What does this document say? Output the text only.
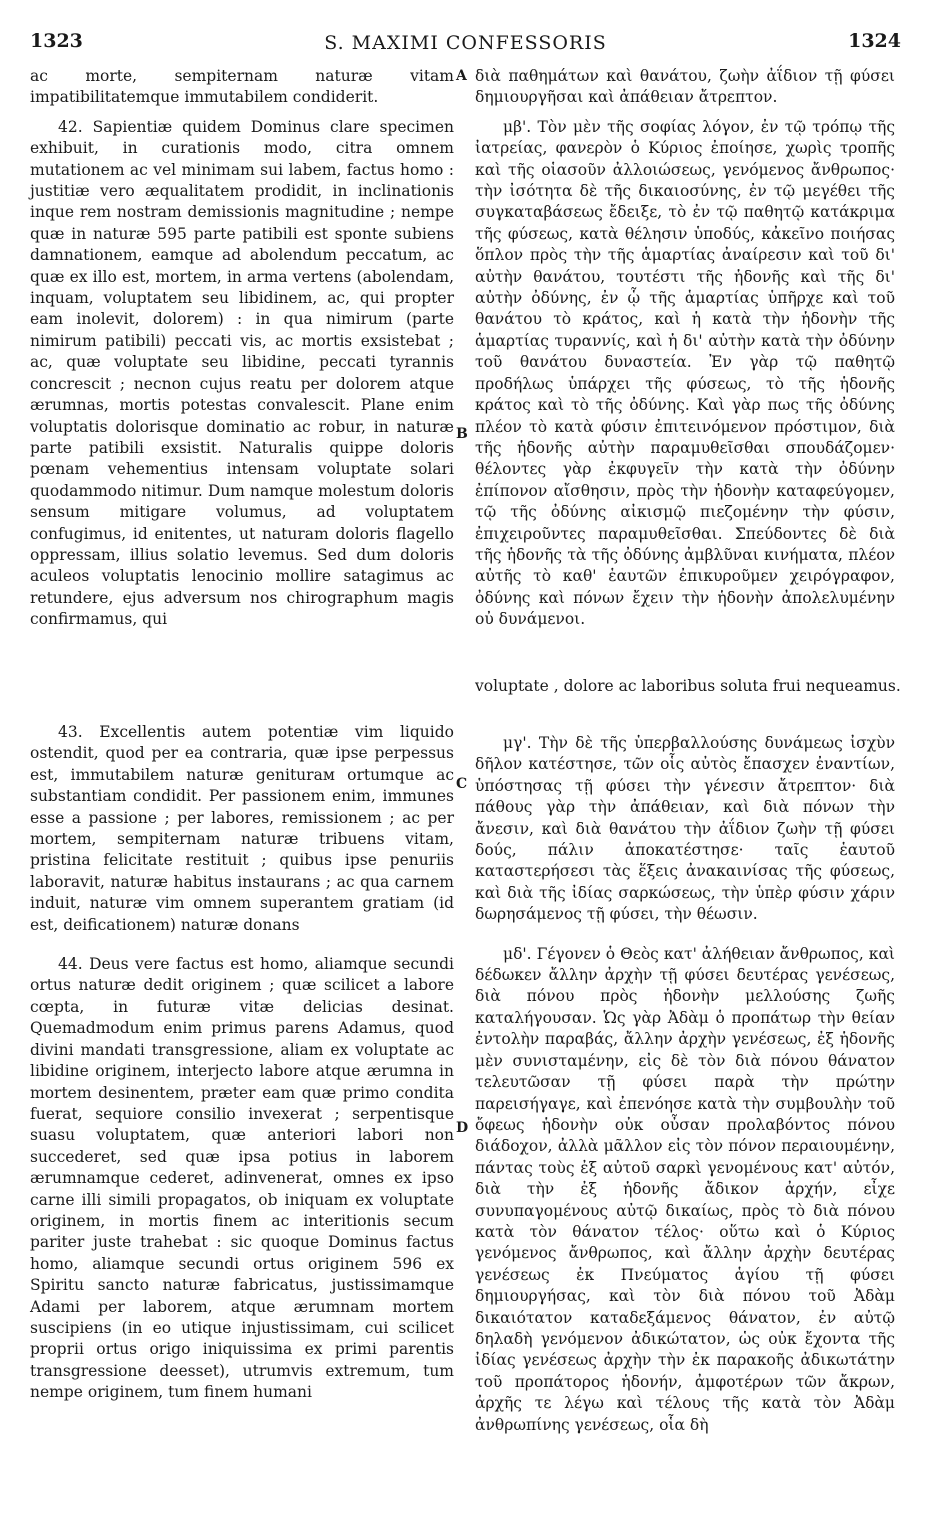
1323	S. MAXIMI CONFESSORIS	1324

ac morte, sempiternam naturæ vitam impatibilitatemque immutabilem condiderit.

42. Sapientiæ quidem Dominus clare specimen exhibuit, in curationis modo, citra omnem mutationem ac vel minimam sui labem, factus homo : justitiæ vero æqualitatem prodidit, in inclinationis inque rem nostram demissionis magnitudine ; nempe quæ in naturæ 595 parte patibili est sponte subiens damnationem, eamque ad abolendum peccatum, ac quæ ex illo est, mortem, in arma vertens (abolendam, inquam, voluptatem seu libidinem, ac, qui propter eam inolevit, dolorem) : in qua nimirum (parte nimirum patibili) peccati vis, ac mortis exsistebat ; ac, quæ voluptate seu libidine, peccati tyrannis concrescit ; necnon cujus reatu per dolorem atque ærumnas, mortis potestas convalescit. Plane enim voluptatis dolorisque dominatio ac robur, in naturæ parte patibili exsistit. Naturalis quippe doloris pœnam vehementius intensam voluptate solari quodammodo nitimur. Dum namque molestum doloris sensum mitigare volumus, ad voluptatem confugimus, id enitentes, ut naturam doloris flagello oppressam, illius solatio levemus. Sed dum doloris aculeos voluptatis lenocinio mollire satagimus ac retundere, ejus adversum nos chirographum magis confirmamus, qui

voluptate , dolore ac laboribus soluta frui nequeamus.

43. Excellentis autem potentiæ vim liquido ostendit, quod per ea contraria, quæ ipse perpessus est, immutabilem naturæ geniturам ortumque ac substantiam condidit. Per passionem enim, immunes esse a passione ; per labores, remissionem ; ac per mortem, sempiternam naturæ tribuens vitam, pristina felicitate restituit ; quibus ipse penuriis laboravit, naturæ habitus instaurans ; ac qua carnem induit, naturæ vim omnem superantem gratiam (id est, deificationem) naturæ donans

44. Deus vere factus est homo, aliamque secundi ortus naturæ dedit originem ; quæ scilicet a labore cœpta, in futuræ vitæ delicias desinat. Quemadmodum enim primus parens Adamus, quod divini mandati transgressione, aliam ex voluptate ac libidine originem, interjecto labore atque ærumna in mortem desinentem, præter eam quæ primo condita fuerat, sequiore consilio invexerat ; serpentisque suasu voluptatem, quæ anteriori labori non succederet, sed quæ ipsa potius in laborem ærumnamque cederet, adinvenerat, omnes ex ipso carne illi simili propagatos, ob iniquam ex voluptate originem, in mortis finem ac interitionis secum pariter juste trahebat : sic quoque Dominus factus homo, aliamque secundi ortus originem 596 ex Spiritu sancto naturæ fabricatus, justissimamque Adami per laborem, atque ærumnam mortem suscipiens (in eo utique injustissimam, cui scilicet proprii ortus origo iniquissima ex primi parentis transgressione deesset), utrumvis extremum, tum nempe originem, tum finem humani

διὰ παθημάτων καὶ θανάτου, ζωὴν ἀΐδιον τῇ φύσει δημιουργῆσαι καὶ ἀπάθειαν ἄτρεπτον.

μβ'. Τὸν μὲν τῆς σοφίας λόγον, ἐν τῷ τρόπῳ τῆς ἰατρείας, φανερὸν ὁ Κύριος ἐποίησε, χωρὶς τροπῆς καὶ τῆς οἱασοῦν ἀλλοιώσεως, γενόμενος ἄνθρωπος· τὴν ἰσότητα δὲ τῆς δικαιοσύνης, ἐν τῷ μεγέθει τῆς συγκαταβάσεως ἔδειξε, τὸ ἐν τῷ παθητῷ κατάκριμα τῆς φύσεως, κατὰ θέλησιν ὑποδύς, κἀκεῖνο ποιήσας ὅπλον πρὸς τὴν τῆς ἁμαρτίας ἀναίρεσιν καὶ τοῦ δι' αὐτὴν θανάτου, τουτέστι τῆς ἡδονῆς καὶ τῆς δι' αὐτὴν ὀδύνης, ἐν ᾧ τῆς ἁμαρτίας ὑπῆρχε καὶ τοῦ θανάτου τὸ κράτος, καὶ ἡ κατὰ τὴν ἡδονὴν τῆς ἁμαρτίας τυραννίς, καὶ ἡ δι' αὐτὴν κατὰ τὴν ὀδύνην τοῦ θανάτου δυναστεία. Ἐν γὰρ τῷ παθητῷ προδήλως ὑπάρχει τῆς φύσεως, τὸ τῆς ἡδονῆς κράτος καὶ τὸ τῆς ὀδύνης. Καὶ γὰρ πως τῆς ὀδύνης πλέον τὸ κατὰ φύσιν ἐπιτεινόμενον πρόστιμον, διὰ τῆς ἡδονῆς αὐτὴν παραμυθεῖσθαι σπουδάζομεν· θέλοντες γὰρ ἐκφυγεῖν τὴν κατὰ τὴν ὀδύνην ἐπίπονον αἴσθησιν, πρὸς τὴν ἡδονὴν καταφεύγομεν, τῷ τῆς ὀδύνης αἰκισμῷ πιεζομένην τὴν φύσιν, ἐπιχειροῦντες παραμυθεῖσθαι. Σπεύδοντες δὲ διὰ τῆς ἡδονῆς τὰ τῆς ὀδύνης ἀμβλῦναι κινήματα, πλέον αὐτῆς τὸ καθ' ἑαυτῶν ἐπικυροῦμεν χειρόγραφον, ὀδύνης καὶ πόνων ἔχειν τὴν ἡδονὴν ἀπολελυμένην οὐ δυνάμενοι.

μγ'. Τὴν δὲ τῆς ὑπερβαλλούσης δυνάμεως ἰσχὺν δῆλον κατέστησε, τῶν οἷς αὐτὸς ἔπασχεν ἐναντίων, ὑπόστησας τῇ φύσει τὴν γένεσιν ἄτρεπτον· διὰ πάθους γὰρ τὴν ἀπάθειαν, καὶ διὰ πόνων τὴν ἄνεσιν, καὶ διὰ θανάτου τὴν ἀΐδιον ζωὴν τῇ φύσει δούς, πάλιν ἀποκατέστησε· ταῖς ἑαυτοῦ καταστερήσεσι τὰς ἕξεις ἀνακαινίσας τῆς φύσεως, καὶ διὰ τῆς ἰδίας σαρκώσεως, τὴν ὑπὲρ φύσιν χάριν δωρησάμενος τῇ φύσει, τὴν θέωσιν.

μδ'. Γέγονεν ὁ Θεὸς κατ' ἀλήθειαν ἄνθρωπος, καὶ δέδωκεν ἄλλην ἀρχὴν τῇ φύσει δευτέρας γενέσεως, διὰ πόνου πρὸς ἡδονὴν μελλούσης ζωῆς καταλήγουσαν. Ὡς γὰρ Ἀδὰμ ὁ προπάτωρ τὴν θείαν ἐντολὴν παραβάς, ἄλλην ἀρχὴν γενέσεως, ἐξ ἡδονῆς μὲν συνισταμένην, εἰς δὲ τὸν διὰ πόνου θάνατον τελευτῶσαν τῇ φύσει παρὰ τὴν πρώτην παρεισήγαγε, καὶ ἐπενόησε κατὰ τὴν συμβουλὴν τοῦ ὄφεως ἡδονὴν οὐκ οὖσαν προλαβόντος πόνου διάδοχον, ἀλλὰ μᾶλλον εἰς τὸν πόνον περαιουμένην, πάντας τοὺς ἐξ αὐτοῦ σαρκὶ γενομένους κατ' αὐτόν, διὰ τὴν ἐξ ἡδονῆς ἄδικον ἀρχήν, εἶχε συνυπαγομένους αὐτῷ δικαίως, πρὸς τὸ διὰ πόνου κατὰ τὸν θάνατον τέλος· οὕτω καὶ ὁ Κύριος γενόμενος ἄνθρωπος, καὶ ἄλλην ἀρχὴν δευτέρας γενέσεως ἐκ Πνεύματος ἁγίου τῇ φύσει δημιουργήσας, καὶ τὸν διὰ πόνου τοῦ Ἀδὰμ δικαιότατον καταδεξάμενος θάνατον, ἐν αὐτῷ δηλαδὴ γενόμενον ἀδικώτατον, ὡς οὐκ ἔχοντα τῆς ἰδίας γενέσεως ἀρχὴν τὴν ἐκ παρακοῆς ἀδικωτάτην τοῦ προπάτορος ἡδονήν, ἀμφοτέρων τῶν ἄκρων, ἀρχῆς τε λέγω καὶ τέλους τῆς κατὰ τὸν Ἀδὰμ ἀνθρωπίνης γενέσεως, οἷα δὴ

A
B
C
D
